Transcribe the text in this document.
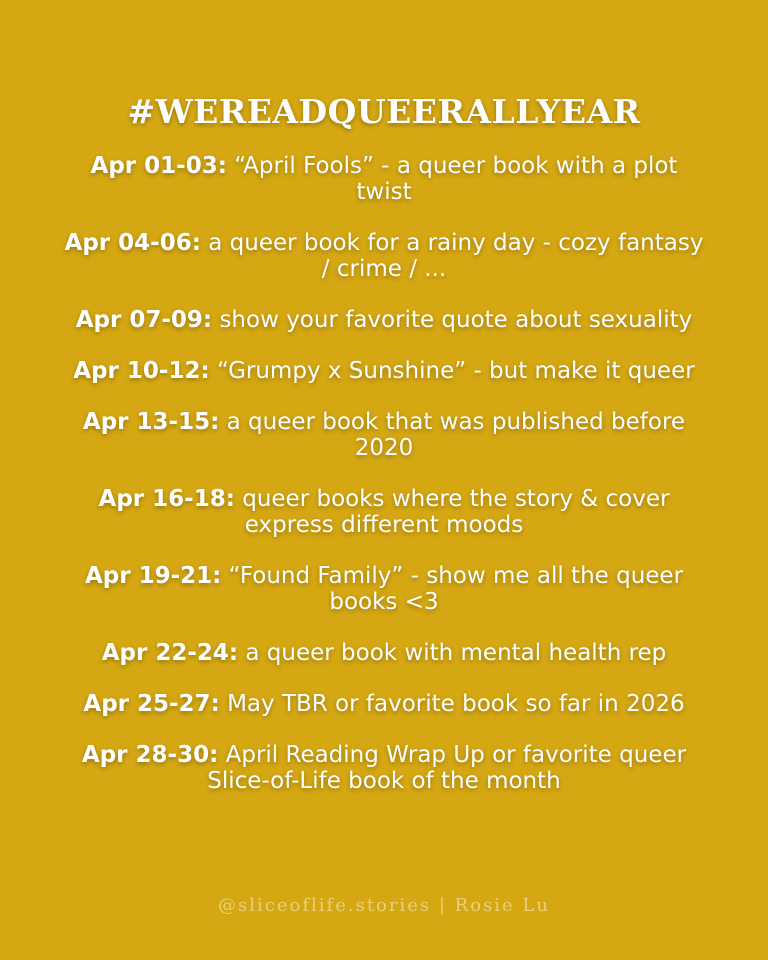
#WEREADQUEERALLYEAR
Apr 01-03: “April Fools” - a queer book with a plot twist
Apr 04-06: a queer book for a rainy day - cozy fantasy / crime / ...
Apr 07-09: show your favorite quote about sexuality
Apr 10-12: “Grumpy x Sunshine” - but make it queer
Apr 13-15: a queer book that was published before 2020
Apr 16-18: queer books where the story & cover express different moods
Apr 19-21: “Found Family” - show me all the queer books <3
Apr 22-24: a queer book with mental health rep
Apr 25-27: May TBR or favorite book so far in 2026
Apr 28-30: April Reading Wrap Up or favorite queer Slice-of-Life book of the month
@sliceoflife.stories | Rosie Lu
